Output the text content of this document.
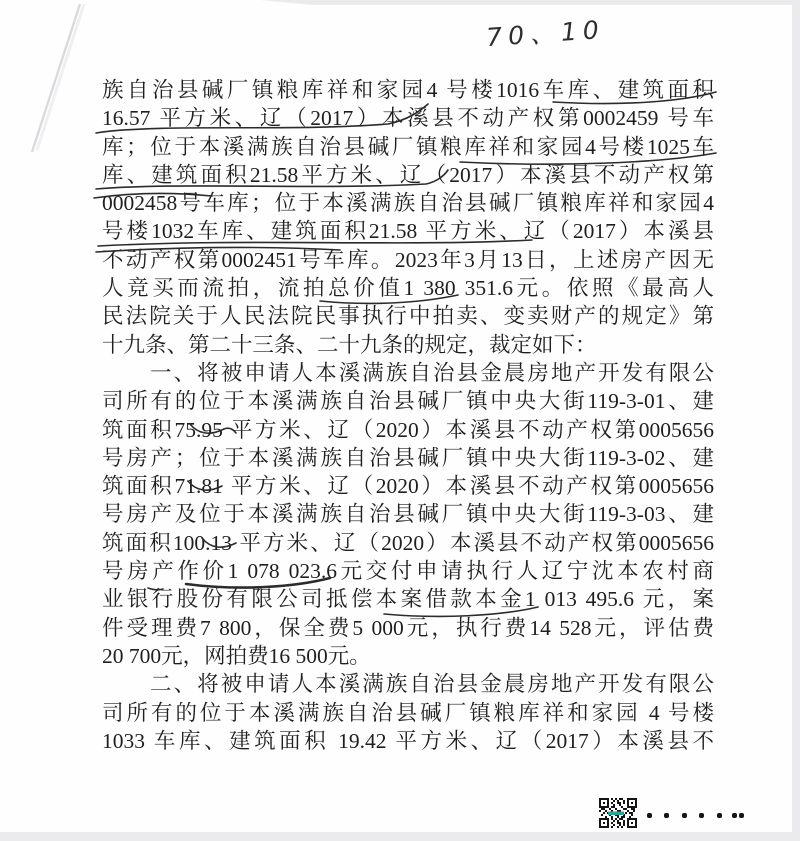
70、10
族自治县碱厂镇粮库祥和家园4 号楼1016车库、建筑面积
16.57 平方米、辽（2017）本溪县不动产权第0002459 号车
库；位于本溪满族自治县碱厂镇粮库祥和家园4号楼1025车
库、建筑面积21.58平方米、辽（2017）本溪县不动产权第
0002458号车库；位于本溪满族自治县碱厂镇粮库祥和家园4
号楼1032车库、建筑面积21.58 平方米、辽（2017）本溪县
不动产权第0002451号车库。2023年3月13日，上述房产因无
人竞买而流拍，流拍总价值1 380 351.6元。依照《最高人
民法院关于人民法院民事执行中拍卖、变卖财产的规定》第
十九条、第二十三条、二十九条的规定，裁定如下：
一、将被申请人本溪满族自治县金晨房地产开发有限公
司所有的位于本溪满族自治县碱厂镇中央大街119-3-01、建
筑面积75.95 平方米、辽（2020）本溪县不动产权第0005656
号房产；位于本溪满族自治县碱厂镇中央大街119-3-02、建
筑面积71.81 平方米、辽（2020）本溪县不动产权第0005656
号房产及位于本溪满族自治县碱厂镇中央大街119-3-03、建
筑面积100.13 平方米、辽（2020）本溪县不动产权第0005656
号房产作价1 078 023.6元交付申请执行人辽宁沈本农村商
业银行股份有限公司抵偿本案借款本金1 013 495.6 元，案
件受理费7 800，保全费5 000元，执行费14 528元，评估费
20 700元，网拍费16 500元。
二、将被申请人本溪满族自治县金晨房地产开发有限公
司所有的位于本溪满族自治县碱厂镇粮库祥和家园 4 号楼
1033 车库、建筑面积 19.42 平方米、辽（2017）本溪县不
